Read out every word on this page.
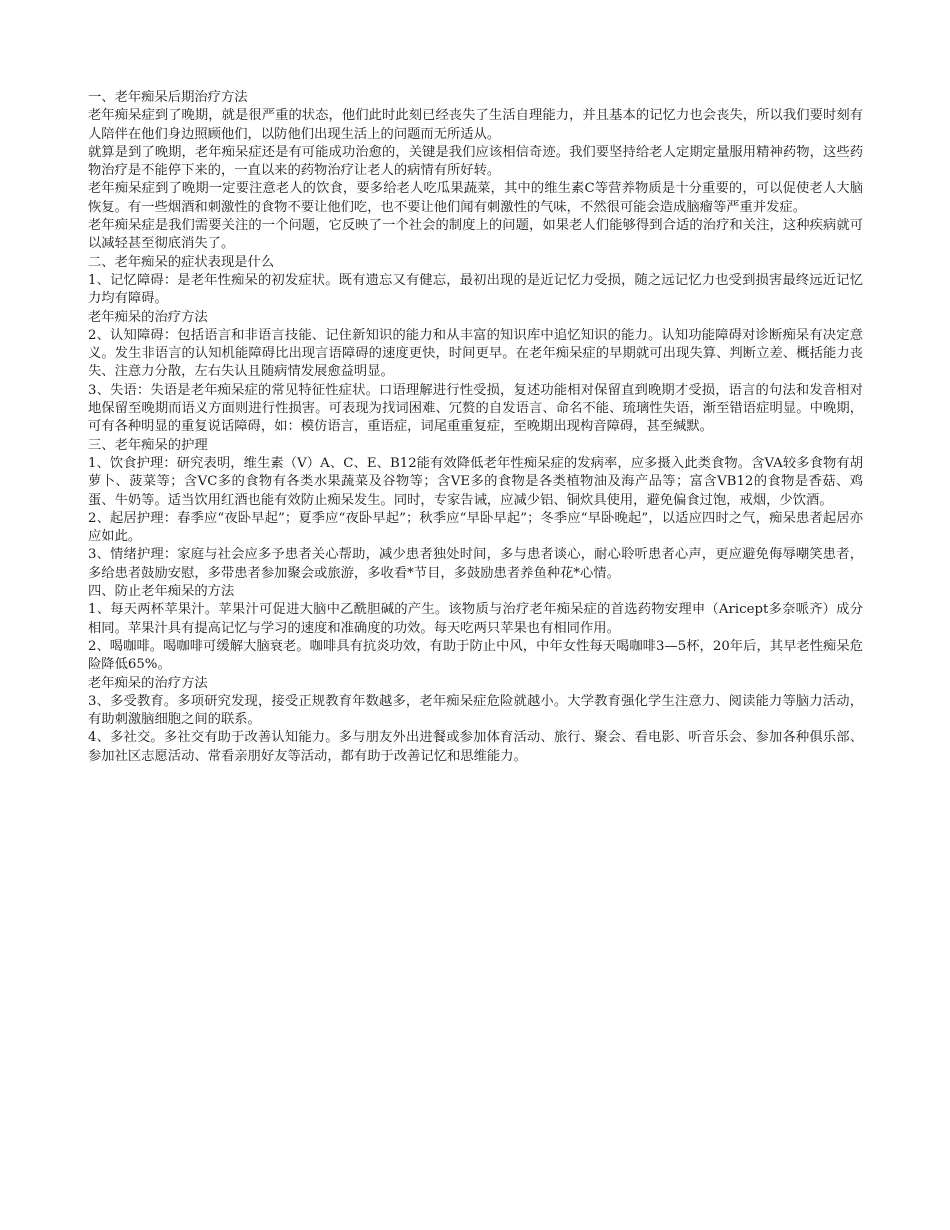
一、老年痴呆后期治疗方法

老年痴呆症到了晚期，就是很严重的状态，他们此时此刻已经丧失了生活自理能力，并且基本的记忆力也会丧失，所以我们要时刻有人陪伴在他们身边照顾他们，以防他们出现生活上的问题而无所适从。

就算是到了晚期，老年痴呆症还是有可能成功治愈的，关键是我们应该相信奇迹。我们要坚持给老人定期定量服用精神药物，这些药物治疗是不能停下来的，一直以来的药物治疗让老人的病情有所好转。

老年痴呆症到了晚期一定要注意老人的饮食，要多给老人吃瓜果蔬菜，其中的维生素C等营养物质是十分重要的，可以促使老人大脑恢复。有一些烟酒和刺激性的食物不要让他们吃，也不要让他们闻有刺激性的气味，不然很可能会造成脑瘤等严重并发症。

老年痴呆症是我们需要关注的一个问题，它反映了一个社会的制度上的问题，如果老人们能够得到合适的治疗和关注，这种疾病就可以减轻甚至彻底消失了。

二、老年痴呆的症状表现是什么

1、记忆障碍：是老年性痴呆的初发症状。既有遗忘又有健忘，最初出现的是近记忆力受损，随之远记忆力也受到损害最终远近记忆力均有障碍。

老年痴呆的治疗方法

2、认知障碍：包括语言和非语言技能、记住新知识的能力和从丰富的知识库中追忆知识的能力。认知功能障碍对诊断痴呆有决定意义。发生非语言的认知机能障碍比出现言语障碍的速度更快，时间更早。在老年痴呆症的早期就可出现失算、判断立差、概括能力丧失、注意力分散，左右失认且随病情发展愈益明显。

3、失语：失语是老年痴呆症的常见特征性症状。口语理解进行性受损，复述功能相对保留直到晚期才受损，语言的句法和发音相对地保留至晚期而语义方面则进行性损害。可表现为找词困难、冗赘的自发语言、命名不能、琉璃性失语，渐至错语症明显。中晚期，可有各种明显的重复说话障碍，如：模仿语言，重语症，词尾重重复症，至晚期出现构音障碍，甚至缄默。

三、老年痴呆的护理

1、饮食护理：研究表明，维生素（V）A、C、E、B12能有效降低老年性痴呆症的发病率，应多摄入此类食物。含VA较多食物有胡萝卜、菠菜等；含VC多的食物有各类水果蔬菜及谷物等；含VE多的食物是各类植物油及海产品等；富含VB12的食物是香菇、鸡蛋、牛奶等。适当饮用红酒也能有效防止痴呆发生。同时，专家告诫，应减少铝、铜炊具使用，避免偏食过饱，戒烟，少饮酒。

2、起居护理：春季应“夜卧早起”；夏季应“夜卧早起”；秋季应“早卧早起”；冬季应“早卧晚起”，以适应四时之气，痴呆患者起居亦应如此。

3、情绪护理：家庭与社会应多予患者关心帮助，减少患者独处时间，多与患者谈心，耐心聆听患者心声，更应避免侮辱嘲笑患者，多给患者鼓励安慰，多带患者参加聚会或旅游，多收看*节目，多鼓励患者养鱼种花*心情。

四、防止老年痴呆的方法

1、每天两杯苹果汁。苹果汁可促进大脑中乙酰胆碱的产生。该物质与治疗老年痴呆症的首选药物安理申（Aricept多奈哌齐）成分相同。苹果汁具有提高记忆与学习的速度和准确度的功效。每天吃两只苹果也有相同作用。

2、喝咖啡。喝咖啡可缓解大脑衰老。咖啡具有抗炎功效，有助于防止中风，中年女性每天喝咖啡3—5杯，20年后，其早老性痴呆危险降低65%。

老年痴呆的治疗方法

3、多受教育。多项研究发现，接受正规教育年数越多，老年痴呆症危险就越小。大学教育强化学生注意力、阅读能力等脑力活动，有助刺激脑细胞之间的联系。

4、多社交。多社交有助于改善认知能力。多与朋友外出进餐或参加体育活动、旅行、聚会、看电影、听音乐会、参加各种俱乐部、参加社区志愿活动、常看亲朋好友等活动，都有助于改善记忆和思维能力。
